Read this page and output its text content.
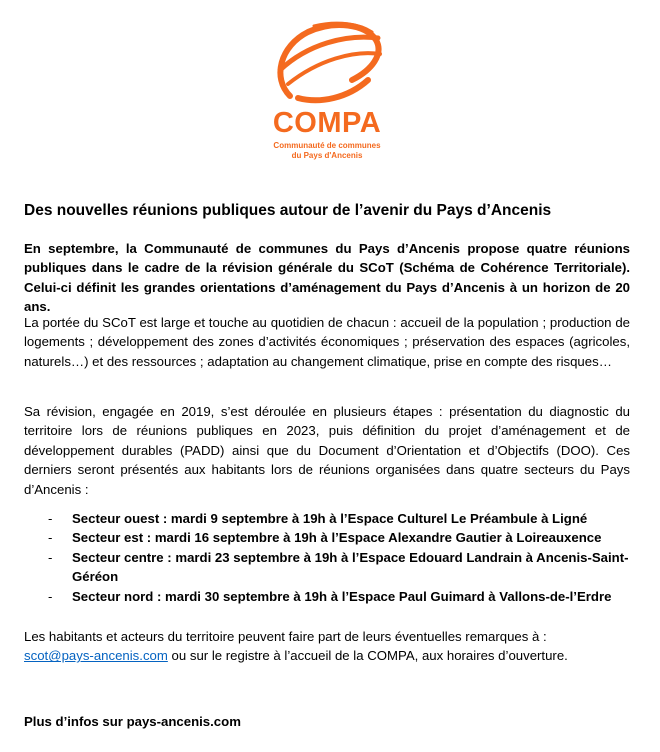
COMPA
Communauté de communes
du Pays d'Ancenis
Des nouvelles réunions publiques autour de l’avenir du Pays d’Ancenis
En septembre, la Communauté de communes du Pays d’Ancenis propose quatre réunions publiques dans le cadre de la révision générale du SCoT (Schéma de Cohérence Territoriale). Celui-ci définit les grandes orientations d’aménagement du Pays d’Ancenis à un horizon de 20 ans.
La portée du SCoT est large et touche au quotidien de chacun : accueil de la population ; production de logements ; développement des zones d’activités économiques ; préservation des espaces (agricoles, naturels…) et des ressources ; adaptation au changement climatique, prise en compte des risques…
Sa révision, engagée en 2019, s’est déroulée en plusieurs étapes : présentation du diagnostic du territoire lors de réunions publiques en 2023, puis définition du projet d’aménagement et de développement durables (PADD) ainsi que du Document d’Orientation et d’Objectifs (DOO). Ces derniers seront présentés aux habitants lors de réunions organisées dans quatre secteurs du Pays d’Ancenis :
- Secteur ouest : mardi 9 septembre à 19h à l’Espace Culturel Le Préambule à Ligné
- Secteur est : mardi 16 septembre à 19h à l’Espace Alexandre Gautier à Loireauxence
- Secteur centre : mardi 23 septembre à 19h à l’Espace Edouard Landrain à Ancenis-Saint-Géréon
- Secteur nord : mardi 30 septembre à 19h à l’Espace Paul Guimard à Vallons-de-l’Erdre
Les habitants et acteurs du territoire peuvent faire part de leurs éventuelles remarques à :
scot@pays-ancenis.com ou sur le registre à l’accueil de la COMPA, aux horaires d’ouverture.
Plus d’infos sur pays-ancenis.com
